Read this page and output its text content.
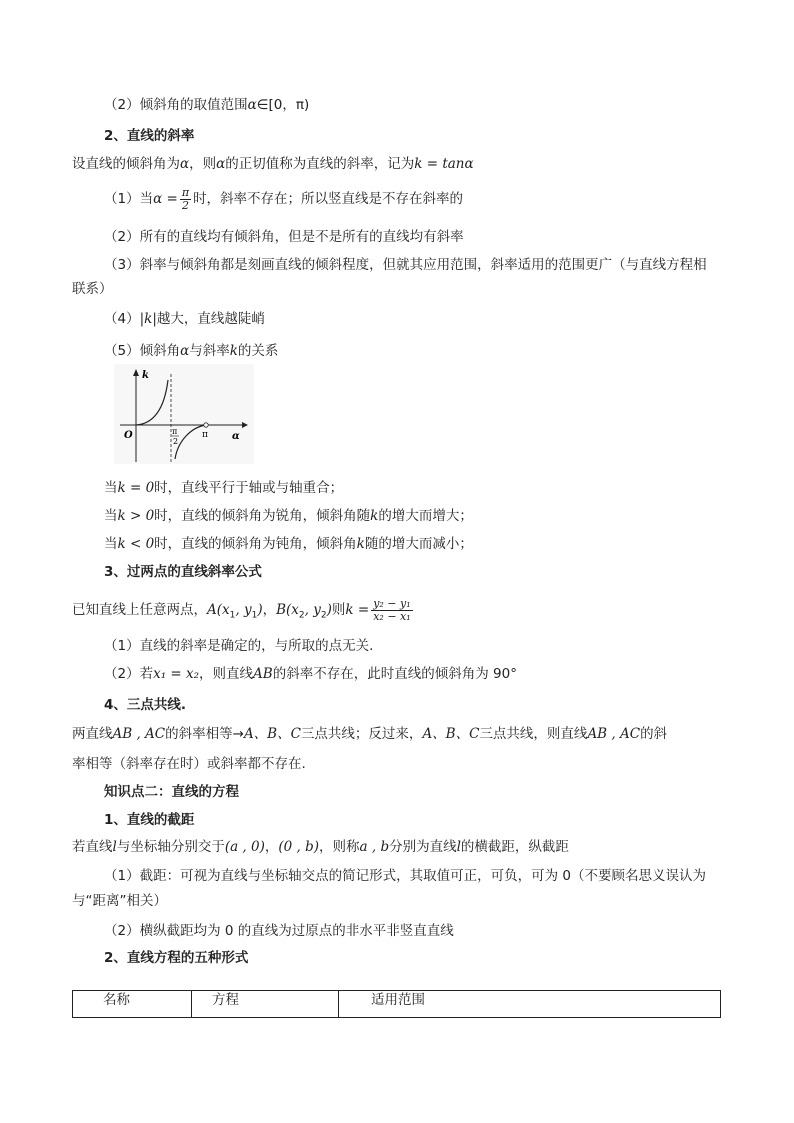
（2）倾斜角的取值范围α∈[0，π)
2、直线的斜率
设直线的倾斜角为α，则α的正切值称为直线的斜率，记为k = tanα
（1）当$\alpha = \frac{\pi}{2}$ 时，斜率不存在；所以竖直线是不存在斜率的
（2）所有的直线均有倾斜角，但是不是所有的直线均有斜率
（3）斜率与倾斜角都是刻画直线的倾斜程度，但就其应用范围，斜率适用的范围更广（与直线方程相
联系）
（4）|k|越大，直线越陡峭
（5）倾斜角α与斜率k的关系
k
α
O	π
π
2
当k = 0时，直线平行于轴或与轴重合；
当k > 0时，直线的倾斜角为锐角，倾斜角随k的增大而增大；
当k < 0时，直线的倾斜角为钝角，倾斜角k随的增大而减小；
3、过两点的直线斜率公式
已知直线上任意两点，$A(x_1$, $y_1$)，$B(x_2$, $y_2$)则$k = \frac{\text{y₂ − y₁}}{\text{x₂ − x₁}}$
（1）直线的斜率是确定的，与所取的点无关.
（2）若x₁ = x₂，则直线AB的斜率不存在，此时直线的倾斜角为 90°
4、三点共线.
两直线AB , AC的斜率相等→A、B、C三点共线；反过来，A、B、C三点共线，则直线AB , AC的斜
率相等（斜率存在时）或斜率都不存在.
知识点二：直线的方程
1、直线的截距
若直线l与坐标轴分别交于(a , 0)，(0 , b)，则称a , b分别为直线l的横截距，纵截距
（1）截距：可视为直线与坐标轴交点的简记形式，其取值可正，可负，可为 0（不要顾名思义误认为
与“距离”相关）
（2）横纵截距均为 0 的直线为过原点的非水平非竖直直线
2、直线方程的五种形式
名称	方程	适用范围
